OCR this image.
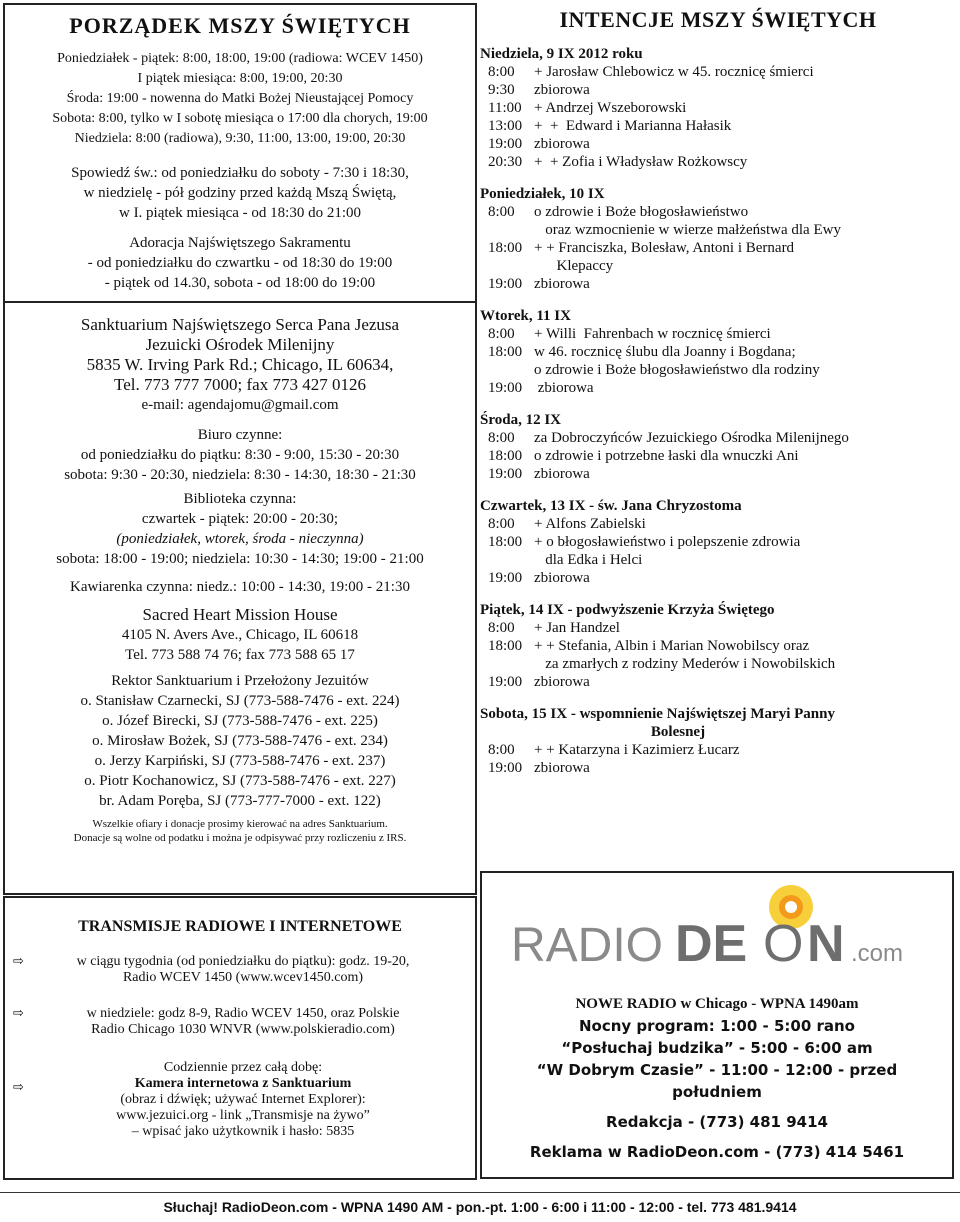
PORZĄDEK MSZY ŚWIĘTYCH
Poniedziałek - piątek: 8:00, 18:00, 19:00 (radiowa: WCEV 1450)
I piątek miesiąca: 8:00, 19:00, 20:30
Środa: 19:00 - nowenna do Matki Bożej Nieustającej Pomocy
Sobota: 8:00, tylko w I sobotę miesiąca o 17:00 dla chorych, 19:00
Niedziela: 8:00 (radiowa), 9:30, 11:00, 13:00, 19:00, 20:30
Spowiedź św.: od poniedziałku do soboty - 7:30 i 18:30,
w niedzielę - pół godziny przed każdą Mszą Świętą,
w I. piątek miesiąca - od 18:30 do 21:00
Adoracja Najświętszego Sakramentu
- od poniedziałku do czwartku - od 18:30 do 19:00
- piątek od 14.30, sobota - od 18:00 do 19:00
Sanktuarium Najświętszego Serca Pana Jezusa
Jezuicki Ośrodek Milenijny
5835 W. Irving Park Rd.; Chicago, IL 60634,
Tel. 773 777 7000; fax 773 427 0126
e-mail: agendajomu@gmail.com
Biuro czynne:
od poniedziałku do piątku: 8:30 - 9:00, 15:30 - 20:30
sobota: 9:30 - 20:30, niedziela: 8:30 - 14:30, 18:30 - 21:30
Biblioteka czynna:
czwartek - piątek: 20:00 - 20:30;
(poniedziałek, wtorek, środa - nieczynna)
sobota: 18:00 - 19:00; niedziela: 10:30 - 14:30; 19:00 - 21:00
Kawiarenka czynna: niedz.: 10:00 - 14:30, 19:00 - 21:30
Sacred Heart Mission House
4105 N. Avers Ave., Chicago, IL 60618
Tel. 773 588 74 76; fax 773 588 65 17
Rektor Sanktuarium i Przełożony Jezuitów
o. Stanisław Czarnecki, SJ (773-588-7476 - ext. 224)
o. Józef Birecki, SJ (773-588-7476 - ext. 225)
o. Mirosław Bożek, SJ (773-588-7476 - ext. 234)
o. Jerzy Karpiński, SJ (773-588-7476 - ext. 237)
o. Piotr Kochanowicz, SJ (773-588-7476 - ext. 227)
br. Adam Poręba, SJ (773-777-7000 - ext. 122)
Wszelkie ofiary i donacje prosimy kierować na adres Sanktuarium.
Donacje są wolne od podatku i można je odpisywać przy rozliczeniu z IRS.
TRANSMISJE RADIOWE I INTERNETOWE
⇨	w ciągu tygodnia (od poniedziałku do piątku): godz. 19-20,
Radio WCEV 1450 (www.wcev1450.com)
⇨	w niedziele: godz 8-9, Radio WCEV 1450, oraz Polskie
Radio Chicago 1030 WNVR (www.polskieradio.com)
⇨
Codziennie przez całą dobę:
Kamera internetowa z Sanktuarium
(obraz i dźwięk; używać Internet Explorer):
www.jezuici.org - link „Transmisje na żywo”
– wpisać jako użytkownik i hasło: 5835
INTENCJE MSZY ŚWIĘTYCH
Niedziela, 9 IX 2012 roku
8:00	+ Jarosław Chlebowicz w 45. rocznicę śmierci
9:30	zbiorowa
11:00 + Andrzej Wszeborowski
13:00 +  +  Edward i Marianna Hałasik
19:00 zbiorowa
20:30 +  + Zofia i Władysław Rożkowscy
Poniedziałek, 10 IX
8:00	o zdrowie i Boże błogosławieństwo
oraz wzmocnienie w wierze małżeństwa dla Ewy
18:00 + + Franciszka, Bolesław, Antoni i Bernard
Klepaccy
19:00 zbiorowa
Wtorek, 11 IX
8:00	+ Willi  Fahrenbach w rocznicę śmierci
18:00 w 46. rocznicę ślubu dla Joanny i Bogdana;
o zdrowie i Boże błogosławieństwo dla rodziny
19:00 zbiorowa
Środa, 12 IX
8:00	za Dobroczyńców Jezuickiego Ośrodka Milenijnego
18:00 o zdrowie i potrzebne łaski dla wnuczki Ani
19:00 zbiorowa
Czwartek, 13 IX - św. Jana Chryzostoma
8:00	+ Alfons Zabielski
18:00 + o błogosławieństwo i polepszenie zdrowia
dla Edka i Helci
19:00 zbiorowa
Piątek, 14 IX - podwyższenie Krzyża Świętego
8:00	+ Jan Handzel
18:00 + + Stefania, Albin i Marian Nowobilscy oraz
za zmarłych z rodziny Mederów i Nowobilskich
19:00 zbiorowa
Sobota, 15 IX - wspomnienie Najświętszej Maryi Panny
Bolesnej
8:00	+ + Katarzyna i Kazimierz Łucarz
19:00 zbiorowa
RADIO DE O N .com
NOWE RADIO w Chicago - WPNA 1490am
Nocny program: 1:00 - 5:00 rano
“Posłuchaj budzika” - 5:00 - 6:00 am
“W Dobrym Czasie” - 11:00 - 12:00 - przed
południem
Redakcja - (773) 481 9414
Reklama w RadioDeon.com - (773) 414 5461
Słuchaj! RadioDeon.com - WPNA 1490 AM - pon.-pt. 1:00 - 6:00 i 11:00 - 12:00 - tel. 773 481.9414
